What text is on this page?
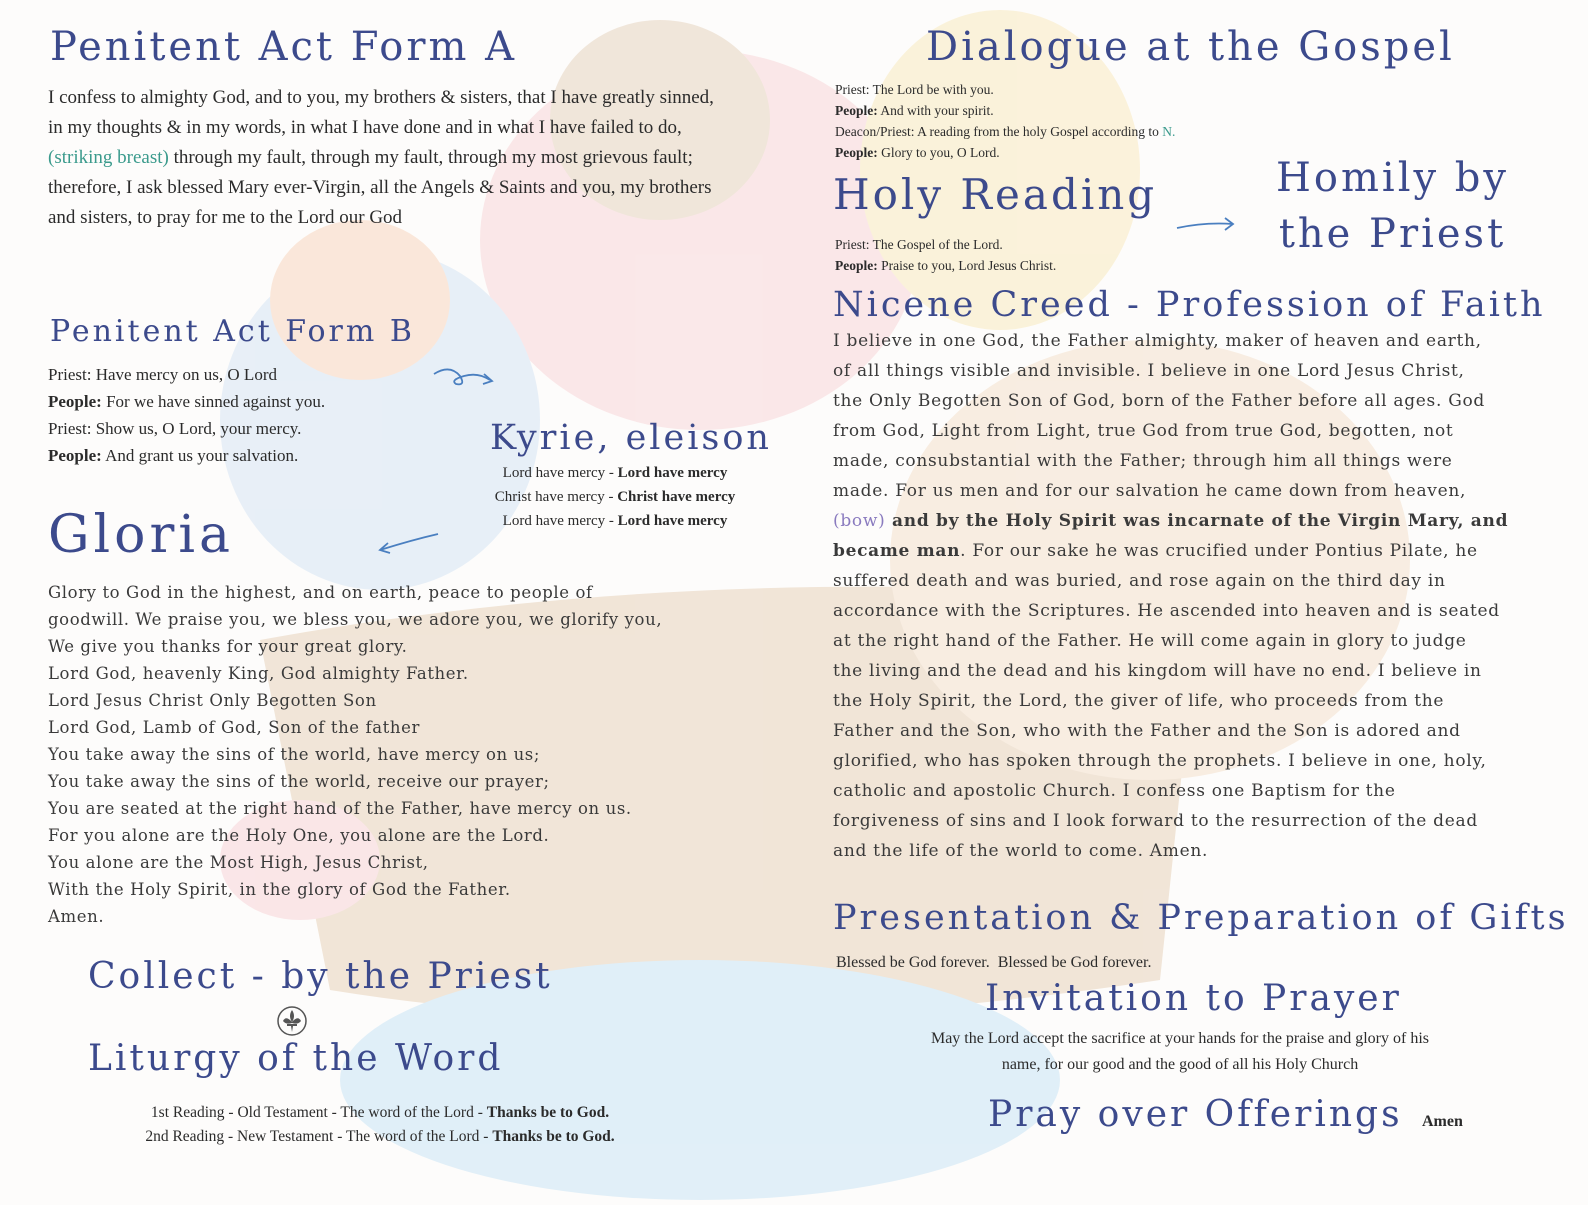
Penitent Act Form A
I confess to almighty God, and to you, my brothers & sisters, that I have greatly sinned, in my thoughts & in my words, in what I have done and in what I have failed to do, (striking breast) through my fault, through my fault, through my most grievous fault; therefore, I ask blessed Mary ever-Virgin, all the Angels & Saints and you, my brothers and sisters, to pray for me to the Lord our God
Penitent Act Form B
Priest: Have mercy on us, O Lord
People: For we have sinned against you.
Priest: Show us, O Lord, your mercy.
People: And grant us your salvation.	Kyrie, eleison
Lord have mercy - Lord have mercy
Christ have mercy - Christ have mercy
Lord have mercy - Lord have mercy
Gloria
Glory to God in the highest, and on earth, peace to people of
goodwill. We praise you, we bless you, we adore you, we glorify you,
We give you thanks for your great glory.
Lord God, heavenly King, God almighty Father.
Lord Jesus Christ Only Begotten Son
Lord God, Lamb of God, Son of the father
You take away the sins of the world, have mercy on us;
You take away the sins of the world, receive our prayer;
You are seated at the right hand of the Father, have mercy on us.
For you alone are the Holy One, you alone are the Lord.
You alone are the Most High, Jesus Christ,
With the Holy Spirit, in the glory of God the Father.
Amen.
Collect - by the Priest
Liturgy of the Word
1st Reading - Old Testament - The word of the Lord - Thanks be to God.
2nd Reading - New Testament - The word of the Lord - Thanks be to God.
Dialogue at the Gospel
Priest: The Lord be with you.
People: And with your spirit.
Deacon/Priest: A reading from the holy Gospel according to N.
People: Glory to you, O Lord.
Holy Reading
Priest: The Gospel of the Lord.
People: Praise to you, Lord Jesus Christ.
Homily by
the Priest
Nicene Creed - Profession of Faith
I believe in one God, the Father almighty, maker of heaven and earth,
of all things visible and invisible. I believe in one Lord Jesus Christ,
the Only Begotten Son of God, born of the Father before all ages. God
from God, Light from Light, true God from true God, begotten, not
made, consubstantial with the Father; through him all things were
made. For us men and for our salvation he came down from heaven,
(bow) and by the Holy Spirit was incarnate of the Virgin Mary, and
became man. For our sake he was crucified under Pontius Pilate, he
suffered death and was buried, and rose again on the third day in
accordance with the Scriptures. He ascended into heaven and is seated
at the right hand of the Father. He will come again in glory to judge
the living and the dead and his kingdom will have no end. I believe in
the Holy Spirit, the Lord, the giver of life, who proceeds from the
Father and the Son, who with the Father and the Son is adored and
glorified, who has spoken through the prophets. I believe in one, holy,
catholic and apostolic Church. I confess one Baptism for the
forgiveness of sins and I look forward to the resurrection of the dead
and the life of the world to come. Amen.
Presentation & Preparation of Gifts
Blessed be God forever.  Blessed be God forever.
Invitation to Prayer
May the Lord accept the sacrifice at your hands for the praise and glory of his
name, for our good and the good of all his Holy Church
Pray over Offerings Amen
